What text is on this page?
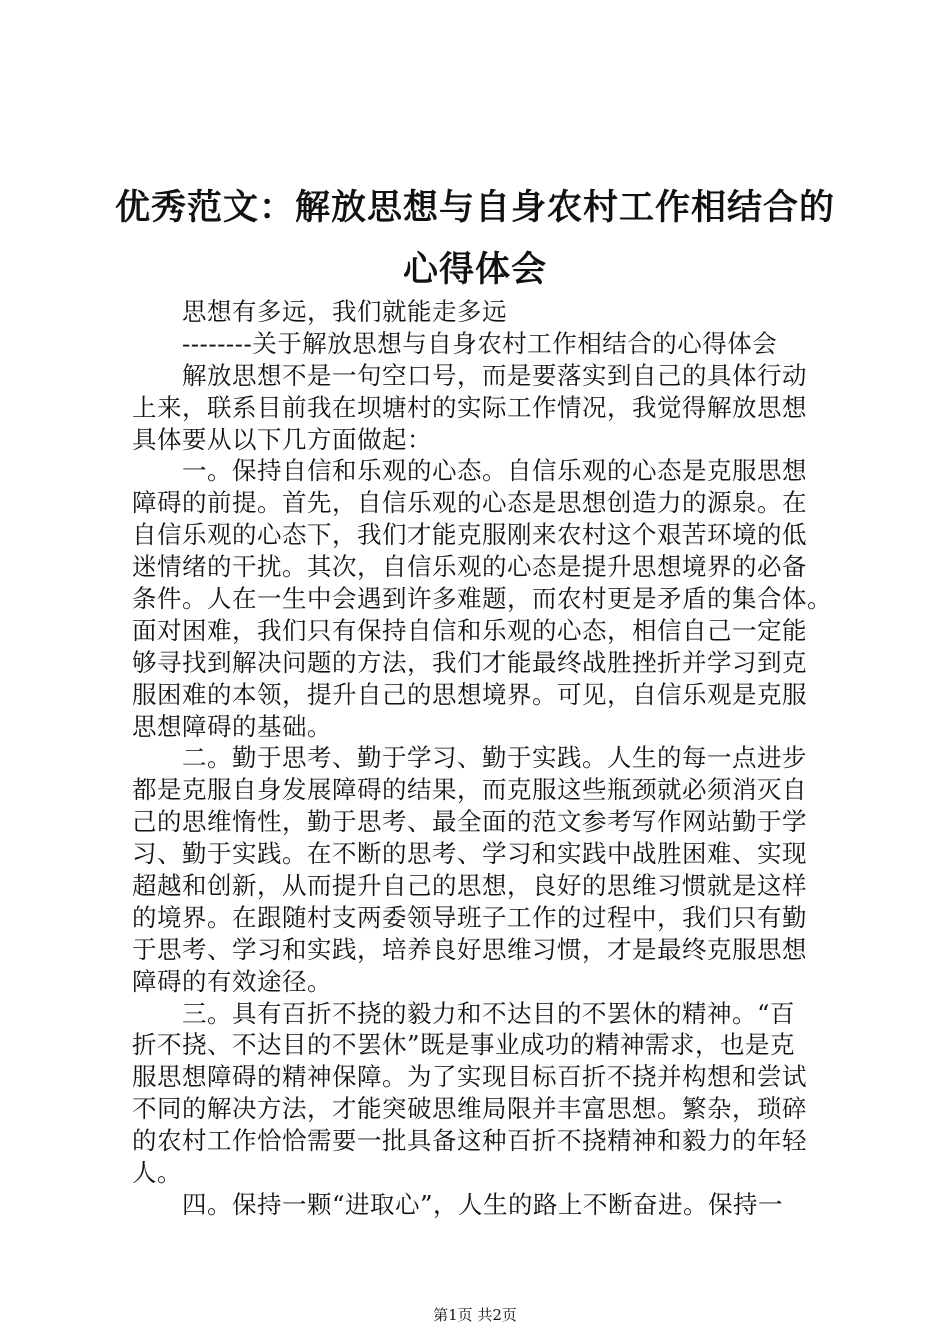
优秀范文：解放思想与自身农村工作相结合的
心得体会
　　思想有多远，我们就能走多远
　　--------关于解放思想与自身农村工作相结合的心得体会
　　解放思想不是一句空口号，而是要落实到自己的具体行动
上来，联系目前我在坝塘村的实际工作情况，我觉得解放思想
具体要从以下几方面做起：
　　一。保持自信和乐观的心态。自信乐观的心态是克服思想
障碍的前提。首先，自信乐观的心态是思想创造力的源泉。在
自信乐观的心态下，我们才能克服刚来农村这个艰苦环境的低
迷情绪的干扰。其次，自信乐观的心态是提升思想境界的必备
条件。人在一生中会遇到许多难题，而农村更是矛盾的集合体。
面对困难，我们只有保持自信和乐观的心态，相信自己一定能
够寻找到解决问题的方法，我们才能最终战胜挫折并学习到克
服困难的本领，提升自己的思想境界。可见，自信乐观是克服
思想障碍的基础。
　　二。勤于思考、勤于学习、勤于实践。人生的每一点进步
都是克服自身发展障碍的结果，而克服这些瓶颈就必须消灭自
己的思维惰性，勤于思考、最全面的范文参考写作网站勤于学
习、勤于实践。在不断的思考、学习和实践中战胜困难、实现
超越和创新，从而提升自己的思想，良好的思维习惯就是这样
的境界。在跟随村支两委领导班子工作的过程中，我们只有勤
于思考、学习和实践，培养良好思维习惯，才是最终克服思想
障碍的有效途径。
　　三。具有百折不挠的毅力和不达目的不罢休的精神。“百
折不挠、不达目的不罢休”既是事业成功的精神需求，也是克
服思想障碍的精神保障。为了实现目标百折不挠并构想和尝试
不同的解决方法，才能突破思维局限并丰富思想。繁杂，琐碎
的农村工作恰恰需要一批具备这种百折不挠精神和毅力的年轻
人。
　　四。保持一颗“进取心”，人生的路上不断奋进。保持一
第1页 共2页
